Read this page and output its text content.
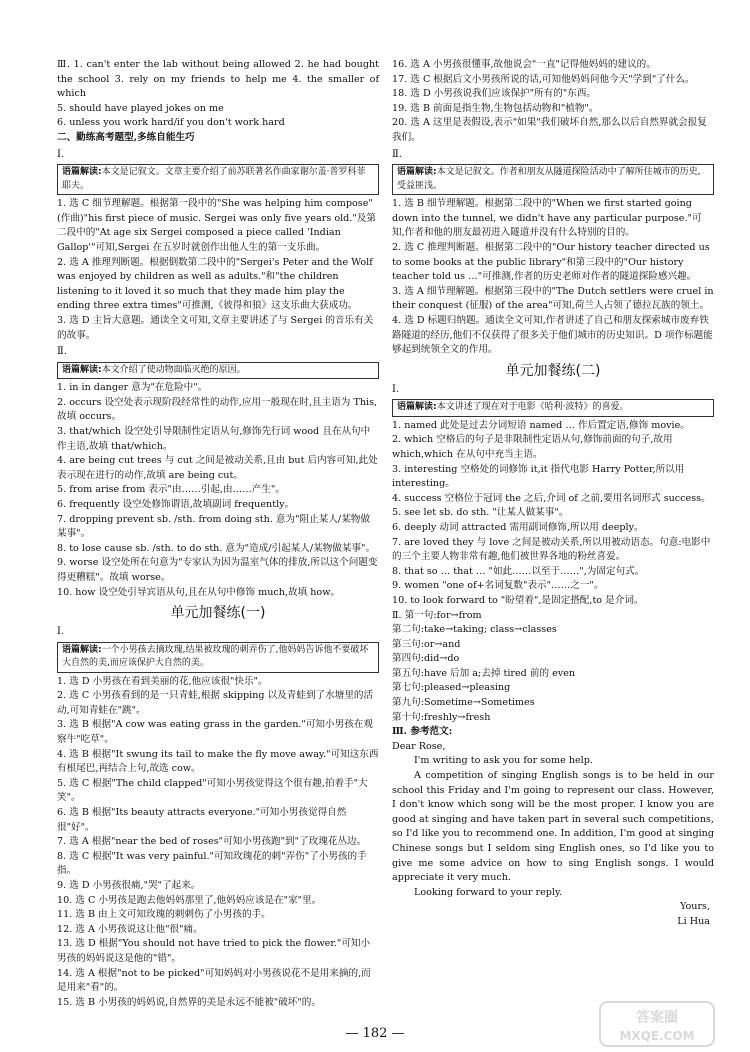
Ⅲ. 1. can't enter the lab without being allowed 2. he had bought the school 3. rely on my friends to help me 4. the smaller of which
5. should have played jokes on me
6. unless you work hard/if you don't work hard
二、勤练高考题型,多练自能生巧
Ⅰ.
语篇解读:本文是记叙文。文章主要介绍了前苏联著名作曲家谢尔盖·普罗科菲耶夫。
1. 选 C 细节理解题。根据第一段中的"She was helping him compose"(作曲)"his first piece of music. Sergei was only five years old."及第二段中的"At age six Sergei composed a piece called 'Indian Gallop'"可知,Sergei 在五岁时就创作出他人生的第一支乐曲。
2. 选 A 推理判断题。根据倒数第二段中的"Sergei's Peter and the Wolf was enjoyed by children as well as adults."和"the children listening to it loved it so much that they made him play the ending three extra times"可推测,《彼得和狼》这支乐曲大获成功。
3. 选 D 主旨大意题。通读全文可知,文章主要讲述了与 Sergei 的音乐有关的故事。
Ⅱ.
语篇解读:本文介绍了使动物面临灭绝的原因。
1. in in danger 意为"在危险中"。
2. occurs 设空处表示现阶段经常性的动作,应用一般现在时,且主语为 This,故填 occurs。
3. that/which 设空处引导限制性定语从句,修饰先行词 wood 且在从句中作主语,故填 that/which。
4. are being cut trees 与 cut 之间是被动关系,且由 but 后内容可知,此处表示现在进行的动作,故填 are being cut。
5. from arise from 表示"由……引起,由……产生"。
6. frequently 设空处修饰谓语,故填副词 frequently。
7. dropping prevent sb. /sth. from doing sth. 意为"阻止某人/某物做某事"。
8. to lose cause sb. /sth. to do sth. 意为"造成/引起某人/某物做某事"。
9. worse 设空处所在句意为"专家认为因为温室气体的排放,所以这个问题变得更糟糕"。故填 worse。
10. how 设空处引导宾语从句,且在从句中修饰 much,故填 how。
单元加餐练(一)
Ⅰ.
语篇解读:一个小男孩去摘玫瑰,结果被玫瑰的刺弄伤了,他妈妈告诉他不要破坏大自然的美,而应该保护大自然的美。
1. 选 D 小男孩在看到美丽的花,他应该很"快乐"。
2. 选 C 小男孩看到的是一只青蛙,根据 skipping 以及青蛙到了水塘里的活动,可知青蛙在"跳"。
3. 选 B 根据"A cow was eating grass in the garden."可知小男孩在观察牛"吃草"。
4. 选 B 根据"It swung its tail to make the fly move away."可知这东西有根尾巴,再结合上句,故选 cow。
5. 选 C 根据"The child clapped"可知小男孩觉得这个很有趣,拍着手"大笑"。
6. 选 B 根据"Its beauty attracts everyone."可知小男孩觉得自然很"好"。
7. 选 A 根据"near the bed of roses"可知小男孩跑"到"了玫瑰花丛边。
8. 选 C 根据"It was very painful."可知玫瑰花的刺"弄伤"了小男孩的手指。
9. 选 D 小男孩很痛,"哭"了起来。
10. 选 C 小男孩是跑去他妈妈那里了,他妈妈应该是在"家"里。
11. 选 B 由上文可知玫瑰的刺刺伤了小男孩的手。
12. 选 A 小男孩说这让他"很"痛。
13. 选 D 根据"You should not have tried to pick the flower."可知小男孩的妈妈说这是他的"错"。
14. 选 A 根据"not to be picked"可知妈妈对小男孩说花不是用来摘的,而是用来"看"的。
15. 选 B 小男孩的妈妈说,自然界的美是永远不能被"破坏"的。
16. 选 A 小男孩很懂事,故他说会"一直"记得他妈妈的建议的。
17. 选 C 根据后文小男孩所说的话,可知他妈妈问他今天"学到"了什么。
18. 选 D 小男孩说我们应该保护"所有的"东西。
19. 选 B 前面是指生物,生物包括动物和"植物"。
20. 选 A 这里是表假设,表示"如果"我们破坏自然,那么以后自然界就会报复我们。
Ⅱ.
语篇解读:本文是记叙文。作者和朋友从隧道探险活动中了解所住城市的历史,受益匪浅。
1. 选 B 细节理解题。根据第二段中的"When we first started going down into the tunnel, we didn't have any particular purpose."可知,作者和他的朋友最初进入隧道并没有什么特别的目的。
2. 选 C 推理判断题。根据第二段中的"Our history teacher directed us to some books at the public library"和第三段中的"Our history teacher told us …"可推测,作者的历史老师对作者的隧道探险感兴趣。
3. 选 A 细节理解题。根据第三段中的"The Dutch settlers were cruel in their conquest (征服) of the area"可知,荷兰人占领了德拉瓦族的领土。
4. 选 D 标题归纳题。通读全文可知,作者讲述了自己和朋友探索城市废弃铁路隧道的经历,他们不仅获得了很多关于他们城市的历史知识。D 项作标题能够起到统领全文的作用。
单元加餐练(二)
Ⅰ.
语篇解读:本文讲述了现在对于电影《哈利·波特》的喜爱。
1. named 此处是过去分词短语 named … 作后置定语,修饰 movie。
2. which 空格后的句子是非限制性定语从句,修饰前面的句子,故用 which,which 在从句中充当主语。
3. interesting 空格处的词修饰 it,it 指代电影 Harry Potter,所以用 interesting。
4. success 空格位于冠词 the 之后,介词 of 之前,要用名词形式 success。
5. see let sb. do sth. "让某人做某事"。
6. deeply 动词 attracted 需用副词修饰,所以用 deeply。
7. are loved they 与 love 之间是被动关系,所以用被动语态。句意:电影中的三个主要人物非常有趣,他们被世界各地的粉丝喜爱。
8. that so … that … "如此……以至于……",为固定句式。
9. women "one of+名词复数"表示"……之一"。
10. to look forward to "盼望着",是固定搭配,to 是介词。
Ⅱ. 第一句:for→from
第二句:take→taking; class→classes
第三句:or→and
第四句:did→do
第五句:have 后加 a;去掉 tired 前的 even
第七句:pleased→pleasing
第九句:Sometime→Sometimes
第十句:freshly→fresh
Ⅲ. 参考范文:
Dear Rose,
I'm writing to ask you for some help.
A competition of singing English songs is to be held in our school this Friday and I'm going to represent our class. However, I don't know which song will be the most proper. I know you are good at singing and have taken part in several such competitions, so I'd like you to recommend one. In addition, I'm good at singing Chinese songs but I seldom sing English ones, so I'd like you to give me some advice on how to sing English songs. I would appreciate it very much.
Looking forward to your reply.
Yours,
Li Hua
— 182 —
答案圈
MXQE.COM
